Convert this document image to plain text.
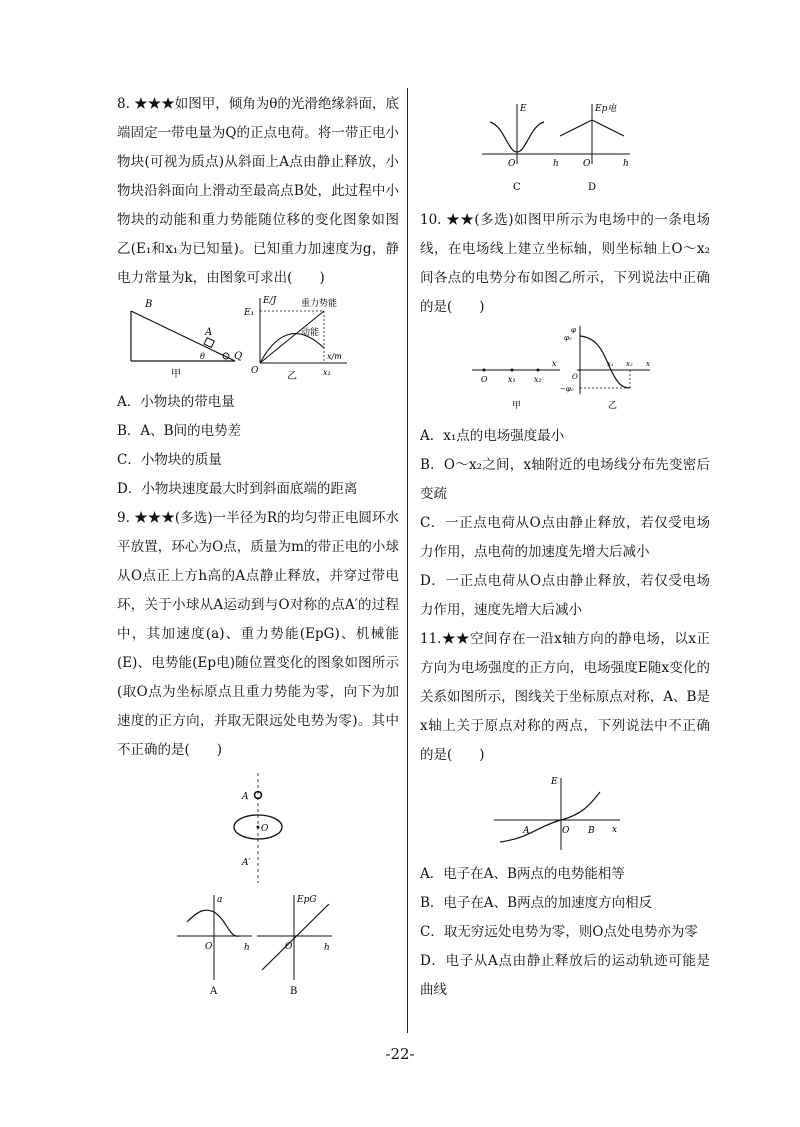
8. ★★★如图甲，倾角为θ的光滑绝缘斜面，底端固定一带电量为Q的正点电荷。将一带正电小物块(可视为质点)从斜面上A点由静止释放，小物块沿斜面向上滑动至最高点B处，此过程中小物块的动能和重力势能随位移的变化图象如图乙(E₁和x₁为已知量)。已知重力加速度为g，静电力常量为k，由图象可求出(　　)

B
A
θ	Q
甲
E/J
E₁
O
x/m
x₁
重力势能
动能
乙

A．小物块的带电量

B．A、B间的电势差

C．小物块的质量

D．小物块速度最大时到斜面底端的距离

9. ★★★(多选)一半径为R的均匀带正电圆环水平放置，环心为O点，质量为m的带正电的小球从O点正上方h高的A点静止释放，并穿过带电环，关于小球从A运动到与O对称的点A′的过程中，其加速度(a)、重力势能(EpG)、机械能(E)、电势能(Ep电)随位置变化的图象如图所示(取O点为坐标原点且重力势能为零，向下为加速度的正方向，并取无限远处电势为零)。其中不正确的是(　　)

A
O
A′
a
O	h
A
EpG
O	h
B
E
O	h
C
Ep电
O	h
D

10. ★★(多选)如图甲所示为电场中的一条电场线，在电场线上建立坐标轴，则坐标轴上O～x₂间各点的电势分布如图乙所示，下列说法中正确的是(　　)

O	x₁ x₂
x
甲
φ
φ₀
−φ₀
O
x₁ x₂ x
乙

A．x₁点的电场强度最小

B．O～x₂之间，x轴附近的电场线分布先变密后变疏

C．一正点电荷从O点由静止释放，若仅受电场力作用，点电荷的加速度先增大后减小

D．一正点电荷从O点由静止释放，若仅受电场力作用，速度先增大后减小

11.★★空间存在一沿x轴方向的静电场，以x正方向为电场强度的正方向，电场强度E随x变化的关系如图所示，图线关于坐标原点对称，A、B是x轴上关于原点对称的两点，下列说法中不正确的是(　　)

E
A	O B x

A．电子在A、B两点的电势能相等

B．电子在A、B两点的加速度方向相反

C．取无穷远处电势为零，则O点处电势亦为零

D．电子从A点由静止释放后的运动轨迹可能是曲线

-22-
